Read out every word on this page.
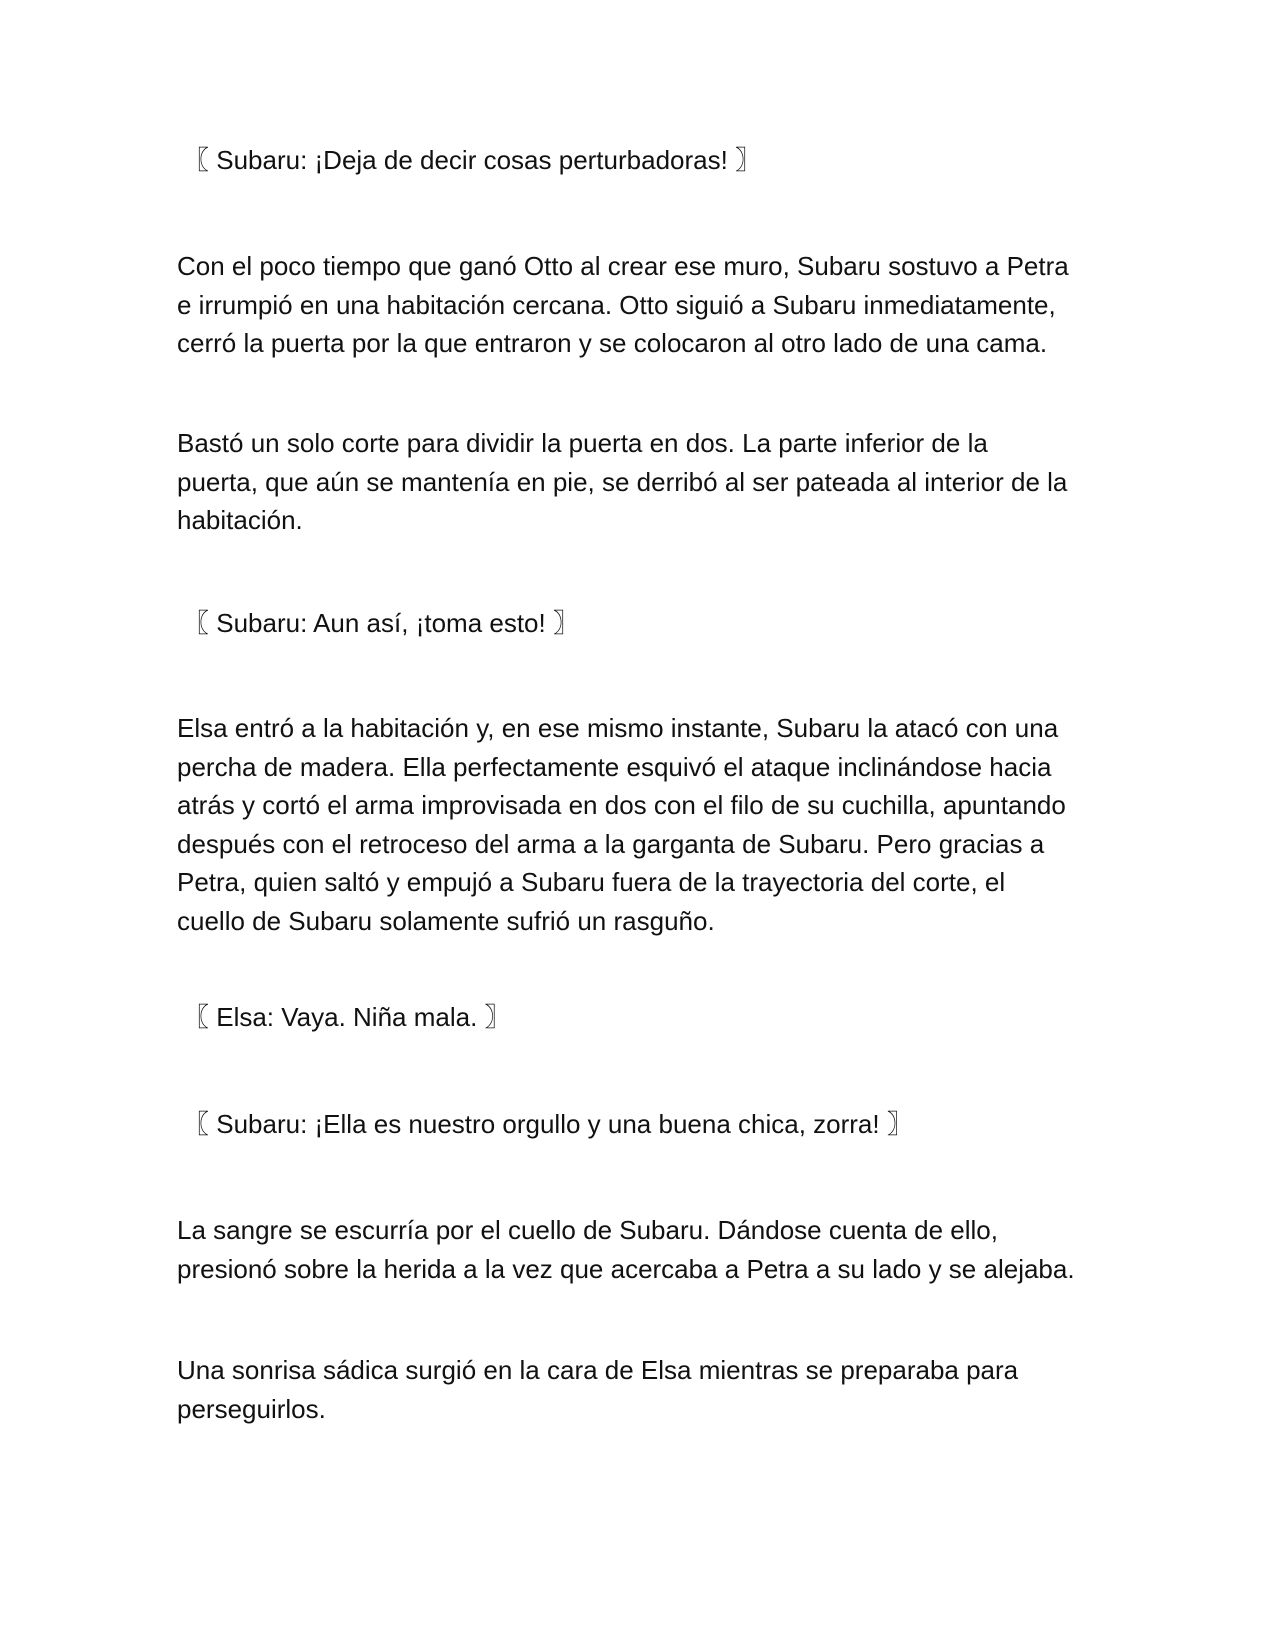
〖 Subaru: ¡Deja de decir cosas perturbadoras! 〗

Con el poco tiempo que ganó Otto al crear ese muro, Subaru sostuvo a Petra
e irrumpió en una habitación cercana. Otto siguió a Subaru inmediatamente,
cerró la puerta por la que entraron y se colocaron al otro lado de una cama.
Bastó un solo corte para dividir la puerta en dos. La parte inferior de la
puerta, que aún se mantenía en pie, se derribó al ser pateada al interior de la
habitación.

〖 Subaru: Aun así, ¡toma esto! 〗

Elsa entró a la habitación y, en ese mismo instante, Subaru la atacó con una
percha de madera. Ella perfectamente esquivó el ataque inclinándose hacia
atrás y cortó el arma improvisada en dos con el filo de su cuchilla, apuntando
después con el retroceso del arma a la garganta de Subaru. Pero gracias a
Petra, quien saltó y empujó a Subaru fuera de la trayectoria del corte, el
cuello de Subaru solamente sufrió un rasguño.

〖 Elsa: Vaya. Niña mala. 〗

〖 Subaru: ¡Ella es nuestro orgullo y una buena chica, zorra! 〗

La sangre se escurría por el cuello de Subaru. Dándose cuenta de ello,
presionó sobre la herida a la vez que acercaba a Petra a su lado y se alejaba.
Una sonrisa sádica surgió en la cara de Elsa mientras se preparaba para
perseguirlos.
